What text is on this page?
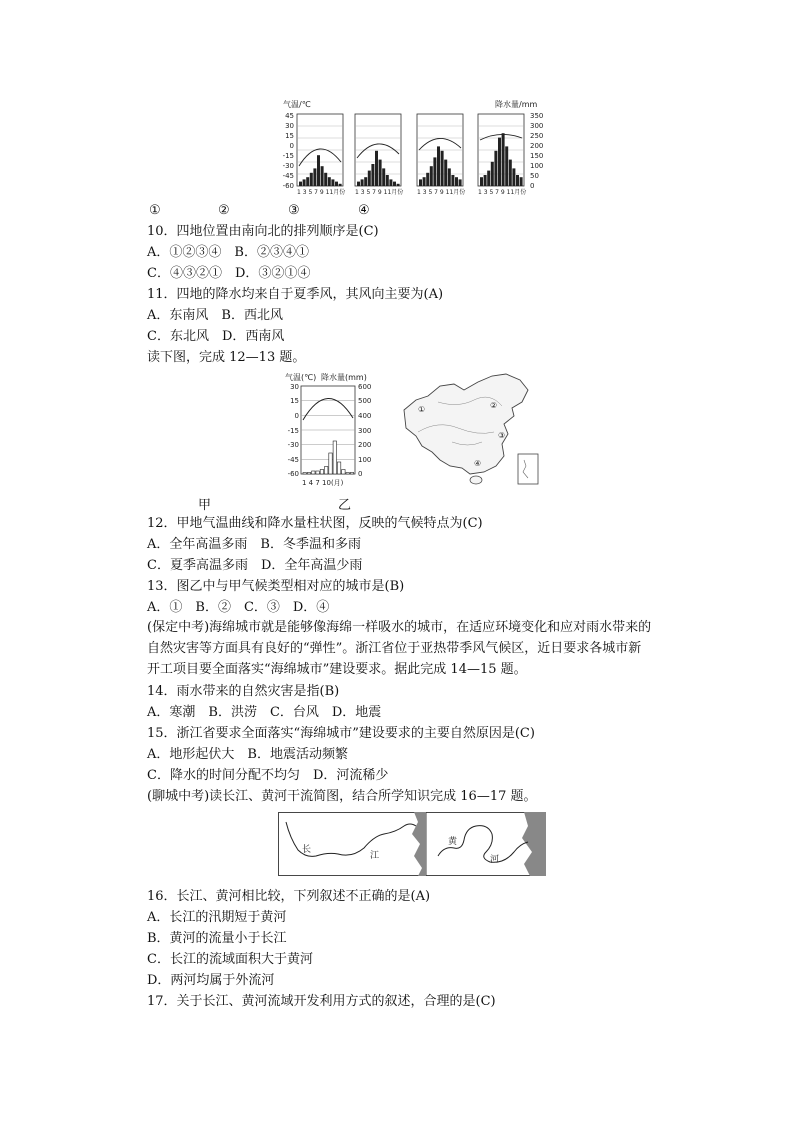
气温/℃	降水量/mm
45
30
15
0
-15
-30
-45
-60
350
300
250
200
150
100
50
0
1 3 5 7 9 11月份 1 3 5 7 9 11月份 1 3 5 7 9 11月份 1 3 5 7 9 11月份
①	②	③	④
10．四地位置由南向北的排列顺序是(C)
A．①②③④　B．②③④①
C．④③②①　D．③②①④
11．四地的降水均来自于夏季风，其风向主要为(A)
A．东南风　B．西北风
C．东北风　D．西南风
读下图，完成 12—13 题。
气温(℃) 降水量(mm)
30
15
0
-15
-30
-45
-60
600
500
400
300
200
100
0
1 4 7 10(月)
①	②
③
④
甲	乙
12．甲地气温曲线和降水量柱状图，反映的气候特点为(C)
A．全年高温多雨　B．冬季温和多雨
C．夏季高温多雨　D．全年高温少雨
13．图乙中与甲气候类型相对应的城市是(B)
A．①　B．②　C．③　D．④
(保定中考)海绵城市就是能够像海绵一样吸水的城市，在适应环境变化和应对雨水带来的自然灾害等方面具有良好的“弹性”。浙江省位于亚热带季风气候区，近日要求各城市新开工项目要全面落实“海绵城市”建设要求。据此完成 14—15 题。
14．雨水带来的自然灾害是指(B)
A．寒潮　B．洪涝　C．台风　D．地震
15．浙江省要求全面落实“海绵城市”建设要求的主要自然原因是(C)
A．地形起伏大　B．地震活动频繁
C．降水的时间分配不均匀　D．河流稀少
(聊城中考)读长江、黄河干流简图，结合所学知识完成 16—17 题。
长
江
黄
河
16．长江、黄河相比较，下列叙述不正确的是(A)
A．长江的汛期短于黄河
B．黄河的流量小于长江
C．长江的流域面积大于黄河
D．两河均属于外流河
17．关于长江、黄河流域开发利用方式的叙述，合理的是(C)
